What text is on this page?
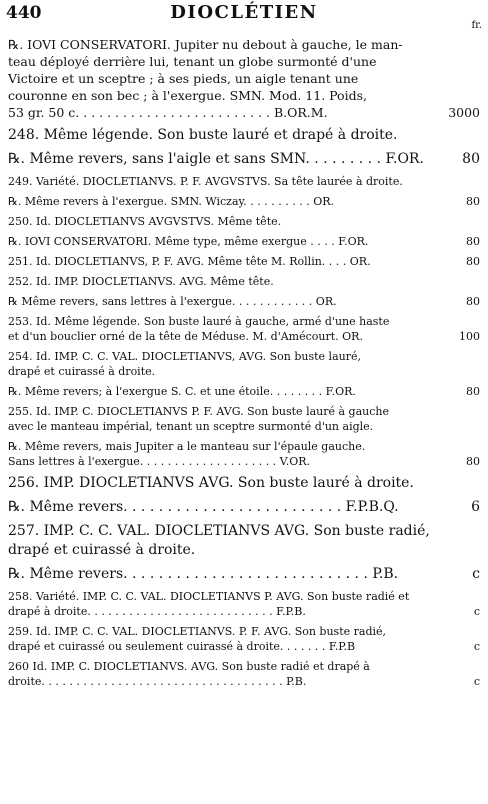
440	DIOCLÉTIEN
fr.
℞. IOVI CONSERVATORI. Jupiter nu debout à gauche, le man-
teau déployé derrière lui, tenant un globe surmonté d'une
Victoire et un sceptre ; à ses pieds, un aigle tenant une
couronne en son bec ; à l'exergue. SMN. Mod. 11. Poids,
53 gr. 50 c. . . . . . . . . . . . . . . . . . . . . . . . . B.OR.M.	3000
248. Même légende. Son buste lauré et drapé à droite.
℞. Même revers, sans l'aigle et sans SMN. . . . . . . . . F.OR.	80
249. Variété. DIOCLETIANVS. P. F. AVGVSTVS. Sa tête laurée à droite.
℞. Même revers à l'exergue. SMN. Wiczay. . . . . . . . . . OR.	80
250. Id. DIOCLETIANVS AVGVSTVS. Même tête.
℞. IOVI CONSERVATORI. Même type, même exergue . . . . F.OR.	80
251. Id. DIOCLETIANVS, P. F. AVG. Même tête M. Rollin. . . . OR.	80
252. Id. IMP. DIOCLETIANVS. AVG. Même tête.
℞ Même revers, sans lettres à l'exergue. . . . . . . . . . . . OR.	80
253. Id. Même légende. Son buste lauré à gauche, armé d'une haste
et d'un bouclier orné de la tête de Méduse. M. d'Amécourt. OR.	100
254. Id. IMP. C. C. VAL. DIOCLETIANVS, AVG. Son buste lauré,
drapé et cuirassé à droite.
℞. Même revers; à l'exergue S. C. et une étoile. . . . . . . . F.OR.	80
255. Id. IMP. C. DIOCLETIANVS P. F. AVG. Son buste lauré à gauche
avec le manteau impérial, tenant un sceptre surmonté d'un aigle.
℞. Même revers, mais Jupiter a le manteau sur l'épaule gauche.
Sans lettres à l'exergue. . . . . . . . . . . . . . . . . . . . V.OR.	80
256. IMP. DIOCLETIANVS AVG. Son buste lauré à droite.
℞. Même revers. . . . . . . . . . . . . . . . . . . . . . . . . F.P.B.Q.	6
257. IMP. C. C. VAL. DIOCLETIANVS AVG. Son buste radié,
drapé et cuirassé à droite.
℞. Même revers. . . . . . . . . . . . . . . . . . . . . . . . . . . . P.B.	c
258. Variété. IMP. C. C. VAL. DIOCLETIANVS P. AVG. Son buste radié et
drapé à droite. . . . . . . . . . . . . . . . . . . . . . . . . . . F.P.B.	c
259. Id. IMP. C. C. VAL. DIOCLETIANVS. P. F. AVG. Son buste radié,
drapé et cuirassé ou seulement cuirassé à droite. . . . . . . F.P.B	c
260 Id. IMP. C. DIOCLETIANVS. AVG. Son buste radié et drapé à
droite. . . . . . . . . . . . . . . . . . . . . . . . . . . . . . . . . . . P.B.	c
